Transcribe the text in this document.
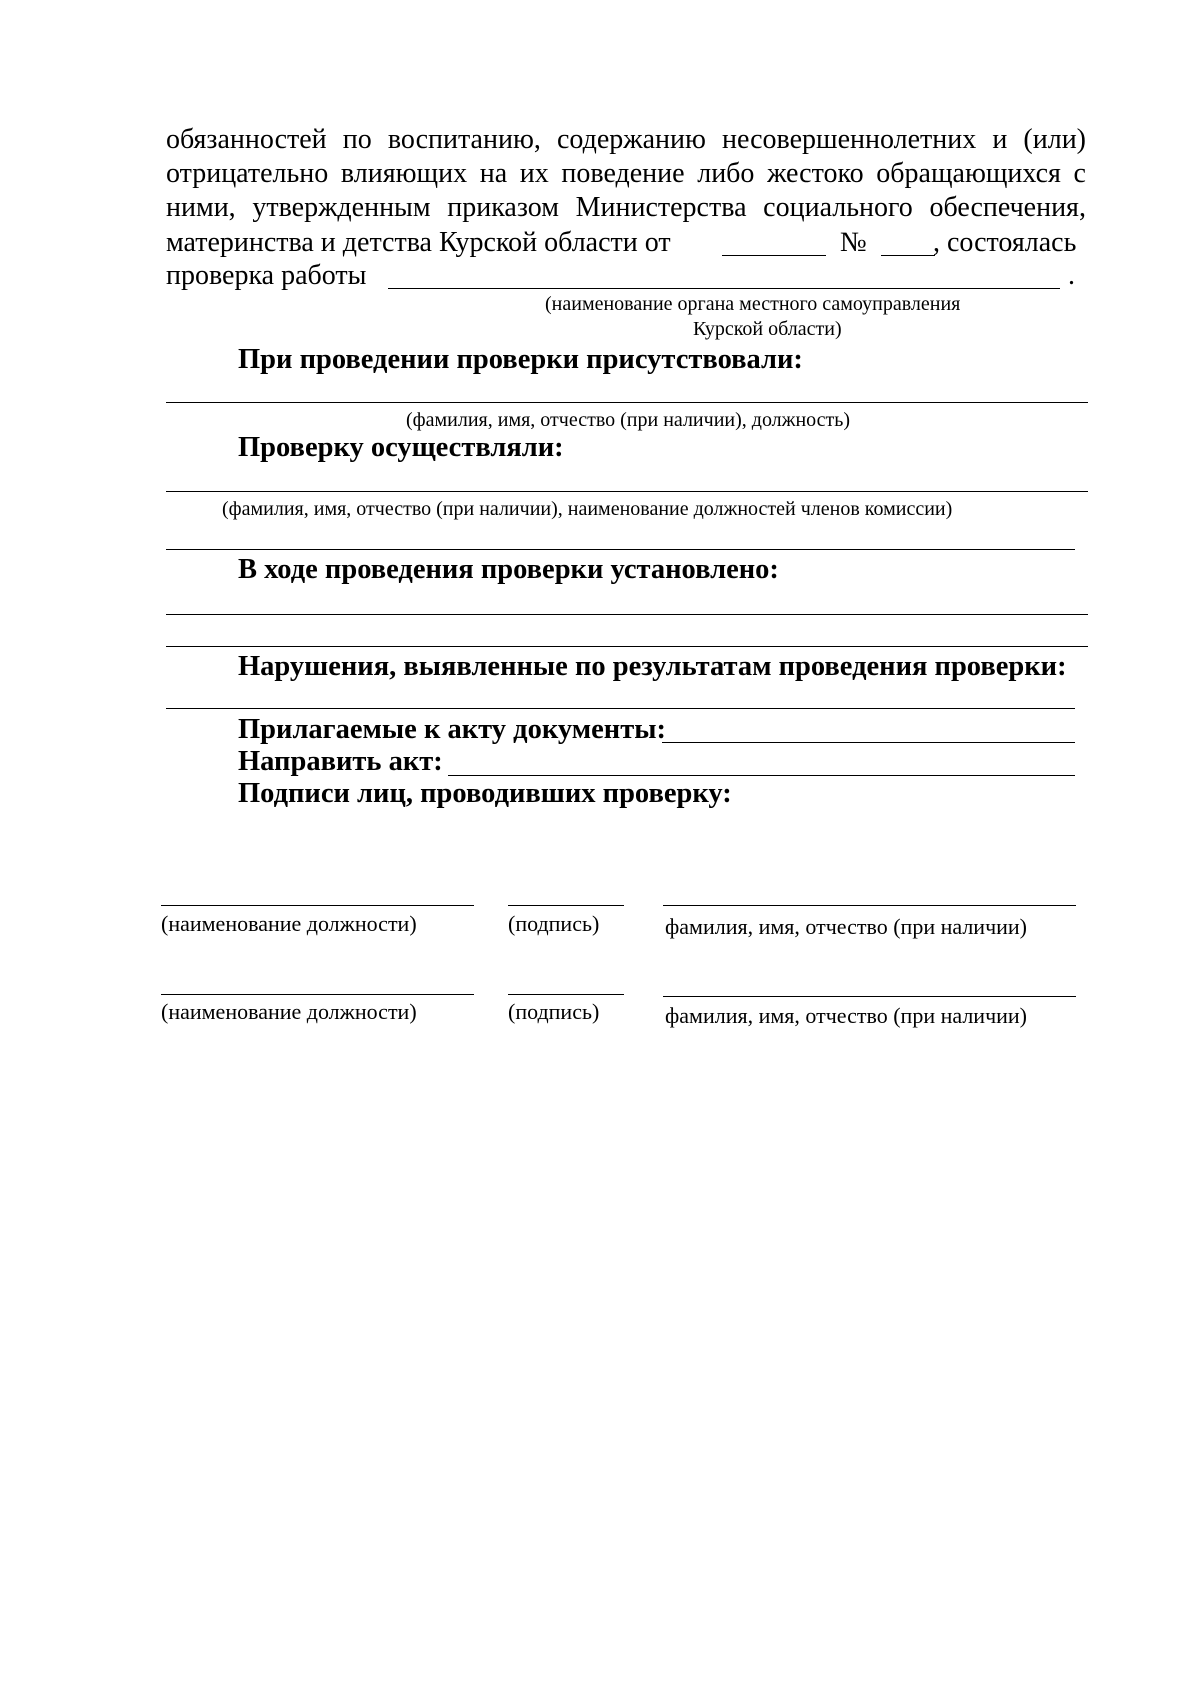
обязанностей по воспитанию, содержанию несовершеннолетних и (или)
отрицательно влияющих на их поведение либо жестоко обращающихся с
ними, утвержденным приказом Министерства социального обеспечения,
материнства и детства Курской области от	№ , состоялась
проверка работы	.
(наименование органа местного самоуправления
Курской области)
При проведении проверки присутствовали:
(фамилия, имя, отчество (при наличии), должность)
Проверку осуществляли:
(фамилия, имя, отчество (при наличии), наименование должностей членов комиссии)
В ходе проведения проверки установлено:
Нарушения, выявленные по результатам проведения проверки:
Прилагаемые к акту документы:
Направить акт:
Подписи лиц, проводивших проверку:
(наименование должности)	(подпись)	фамилия, имя, отчество (при наличии)
(наименование должности)	(подпись)	фамилия, имя, отчество (при наличии)
